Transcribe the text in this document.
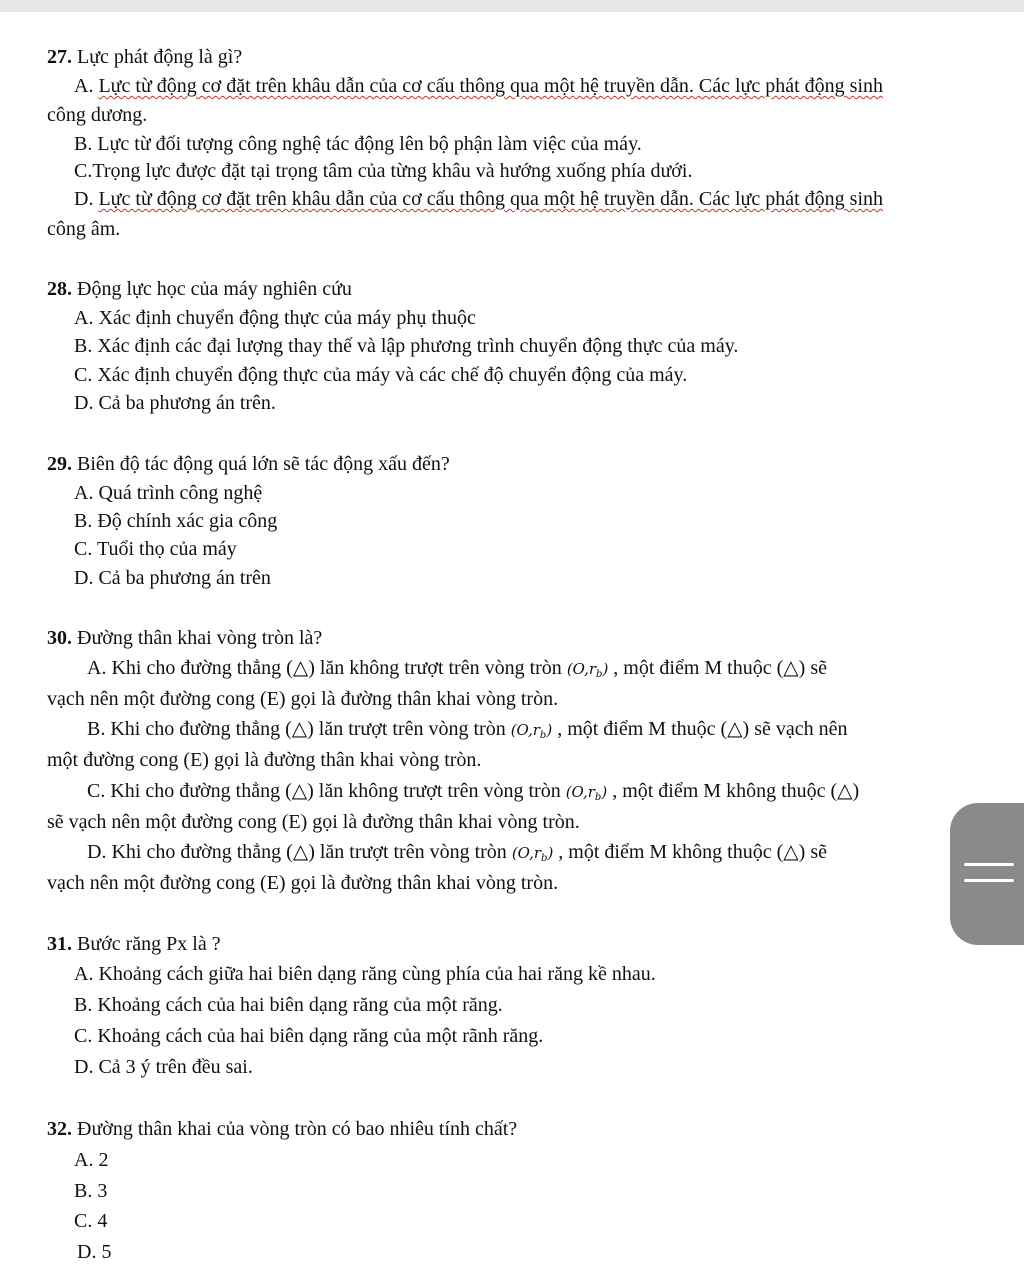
27. Lực phát động là gì?
A. Lực từ động cơ đặt trên khâu dẫn của cơ cấu thông qua một hệ truyền dẫn. Các lực phát động sinh
công dương.
B. Lực từ đối tượng công nghệ tác động lên bộ phận làm việc của máy.
C.Trọng lực được đặt tại trọng tâm của từng khâu và hướng xuống phía dưới.
D. Lực từ động cơ đặt trên khâu dẫn của cơ cấu thông qua một hệ truyền dẫn. Các lực phát động sinh
công âm.
28. Động lực học của máy nghiên cứu
A. Xác định chuyển động thực của máy phụ thuộc
B. Xác định các đại lượng thay thế và lập phương trình chuyển động thực của máy.
C. Xác định chuyển động thực của máy và các chế độ chuyển động của máy.
D. Cả ba phương án trên.
29. Biên độ tác động quá lớn sẽ tác động xấu đến?
A. Quá trình công nghệ
B. Độ chính xác gia công
C. Tuổi thọ của máy
D. Cả ba phương án trên
30. Đường thân khai vòng tròn là?
A. Khi cho đường thẳng (△) lăn không trượt trên vòng tròn $(O,r_b)$ , một điểm M thuộc (△) sẽ
vạch nên một đường cong (E) gọi là đường thân khai vòng tròn.
B. Khi cho đường thẳng (△) lăn trượt trên vòng tròn $(O,r_b)$ , một điểm M thuộc (△) sẽ vạch nên
một đường cong (E) gọi là đường thân khai vòng tròn.
C. Khi cho đường thẳng (△) lăn không trượt trên vòng tròn $(O,r_b)$ , một điểm M không thuộc (△)
sẽ vạch nên một đường cong (E) gọi là đường thân khai vòng tròn.
D. Khi cho đường thẳng (△) lăn trượt trên vòng tròn $(O,r_b)$ , một điểm M không thuộc (△) sẽ
vạch nên một đường cong (E) gọi là đường thân khai vòng tròn.
31. Bước răng Px là ?
A. Khoảng cách giữa hai biên dạng răng cùng phía của hai răng kề nhau.
B. Khoảng cách của hai biên dạng răng của một răng.
C. Khoảng cách của hai biên dạng răng của một rãnh răng.
D. Cả 3 ý trên đều sai.
32. Đường thân khai của vòng tròn có bao nhiêu tính chất?
A. 2
B. 3
C. 4
D. 5
